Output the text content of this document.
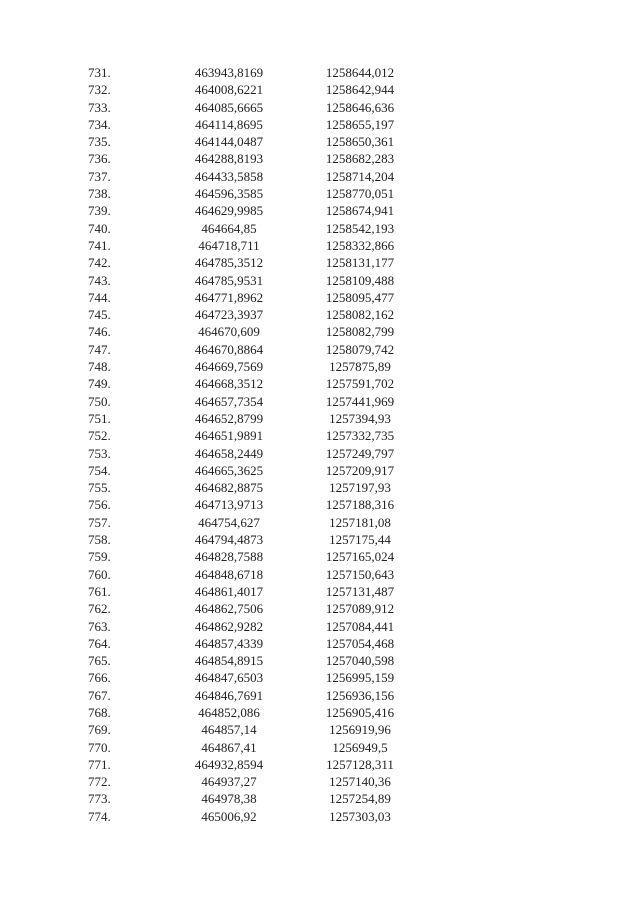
731.	463943,8169	1258644,012
732.	464008,6221	1258642,944
733.	464085,6665	1258646,636
734.	464114,8695	1258655,197
735.	464144,0487	1258650,361
736.	464288,8193	1258682,283
737.	464433,5858	1258714,204
738.	464596,3585	1258770,051
739.	464629,9985	1258674,941
740.	464664,85	1258542,193
741.	464718,711	1258332,866
742.	464785,3512	1258131,177
743.	464785,9531	1258109,488
744.	464771,8962	1258095,477
745.	464723,3937	1258082,162
746.	464670,609	1258082,799
747.	464670,8864	1258079,742
748.	464669,7569	1257875,89
749.	464668,3512	1257591,702
750.	464657,7354	1257441,969
751.	464652,8799	1257394,93
752.	464651,9891	1257332,735
753.	464658,2449	1257249,797
754.	464665,3625	1257209,917
755.	464682,8875	1257197,93
756.	464713,9713	1257188,316
757.	464754,627	1257181,08
758.	464794,4873	1257175,44
759.	464828,7588	1257165,024
760.	464848,6718	1257150,643
761.	464861,4017	1257131,487
762.	464862,7506	1257089,912
763.	464862,9282	1257084,441
764.	464857,4339	1257054,468
765.	464854,8915	1257040,598
766.	464847,6503	1256995,159
767.	464846,7691	1256936,156
768.	464852,086	1256905,416
769.	464857,14	1256919,96
770.	464867,41	1256949,5
771.	464932,8594	1257128,311
772.	464937,27	1257140,36
773.	464978,38	1257254,89
774.	465006,92	1257303,03
